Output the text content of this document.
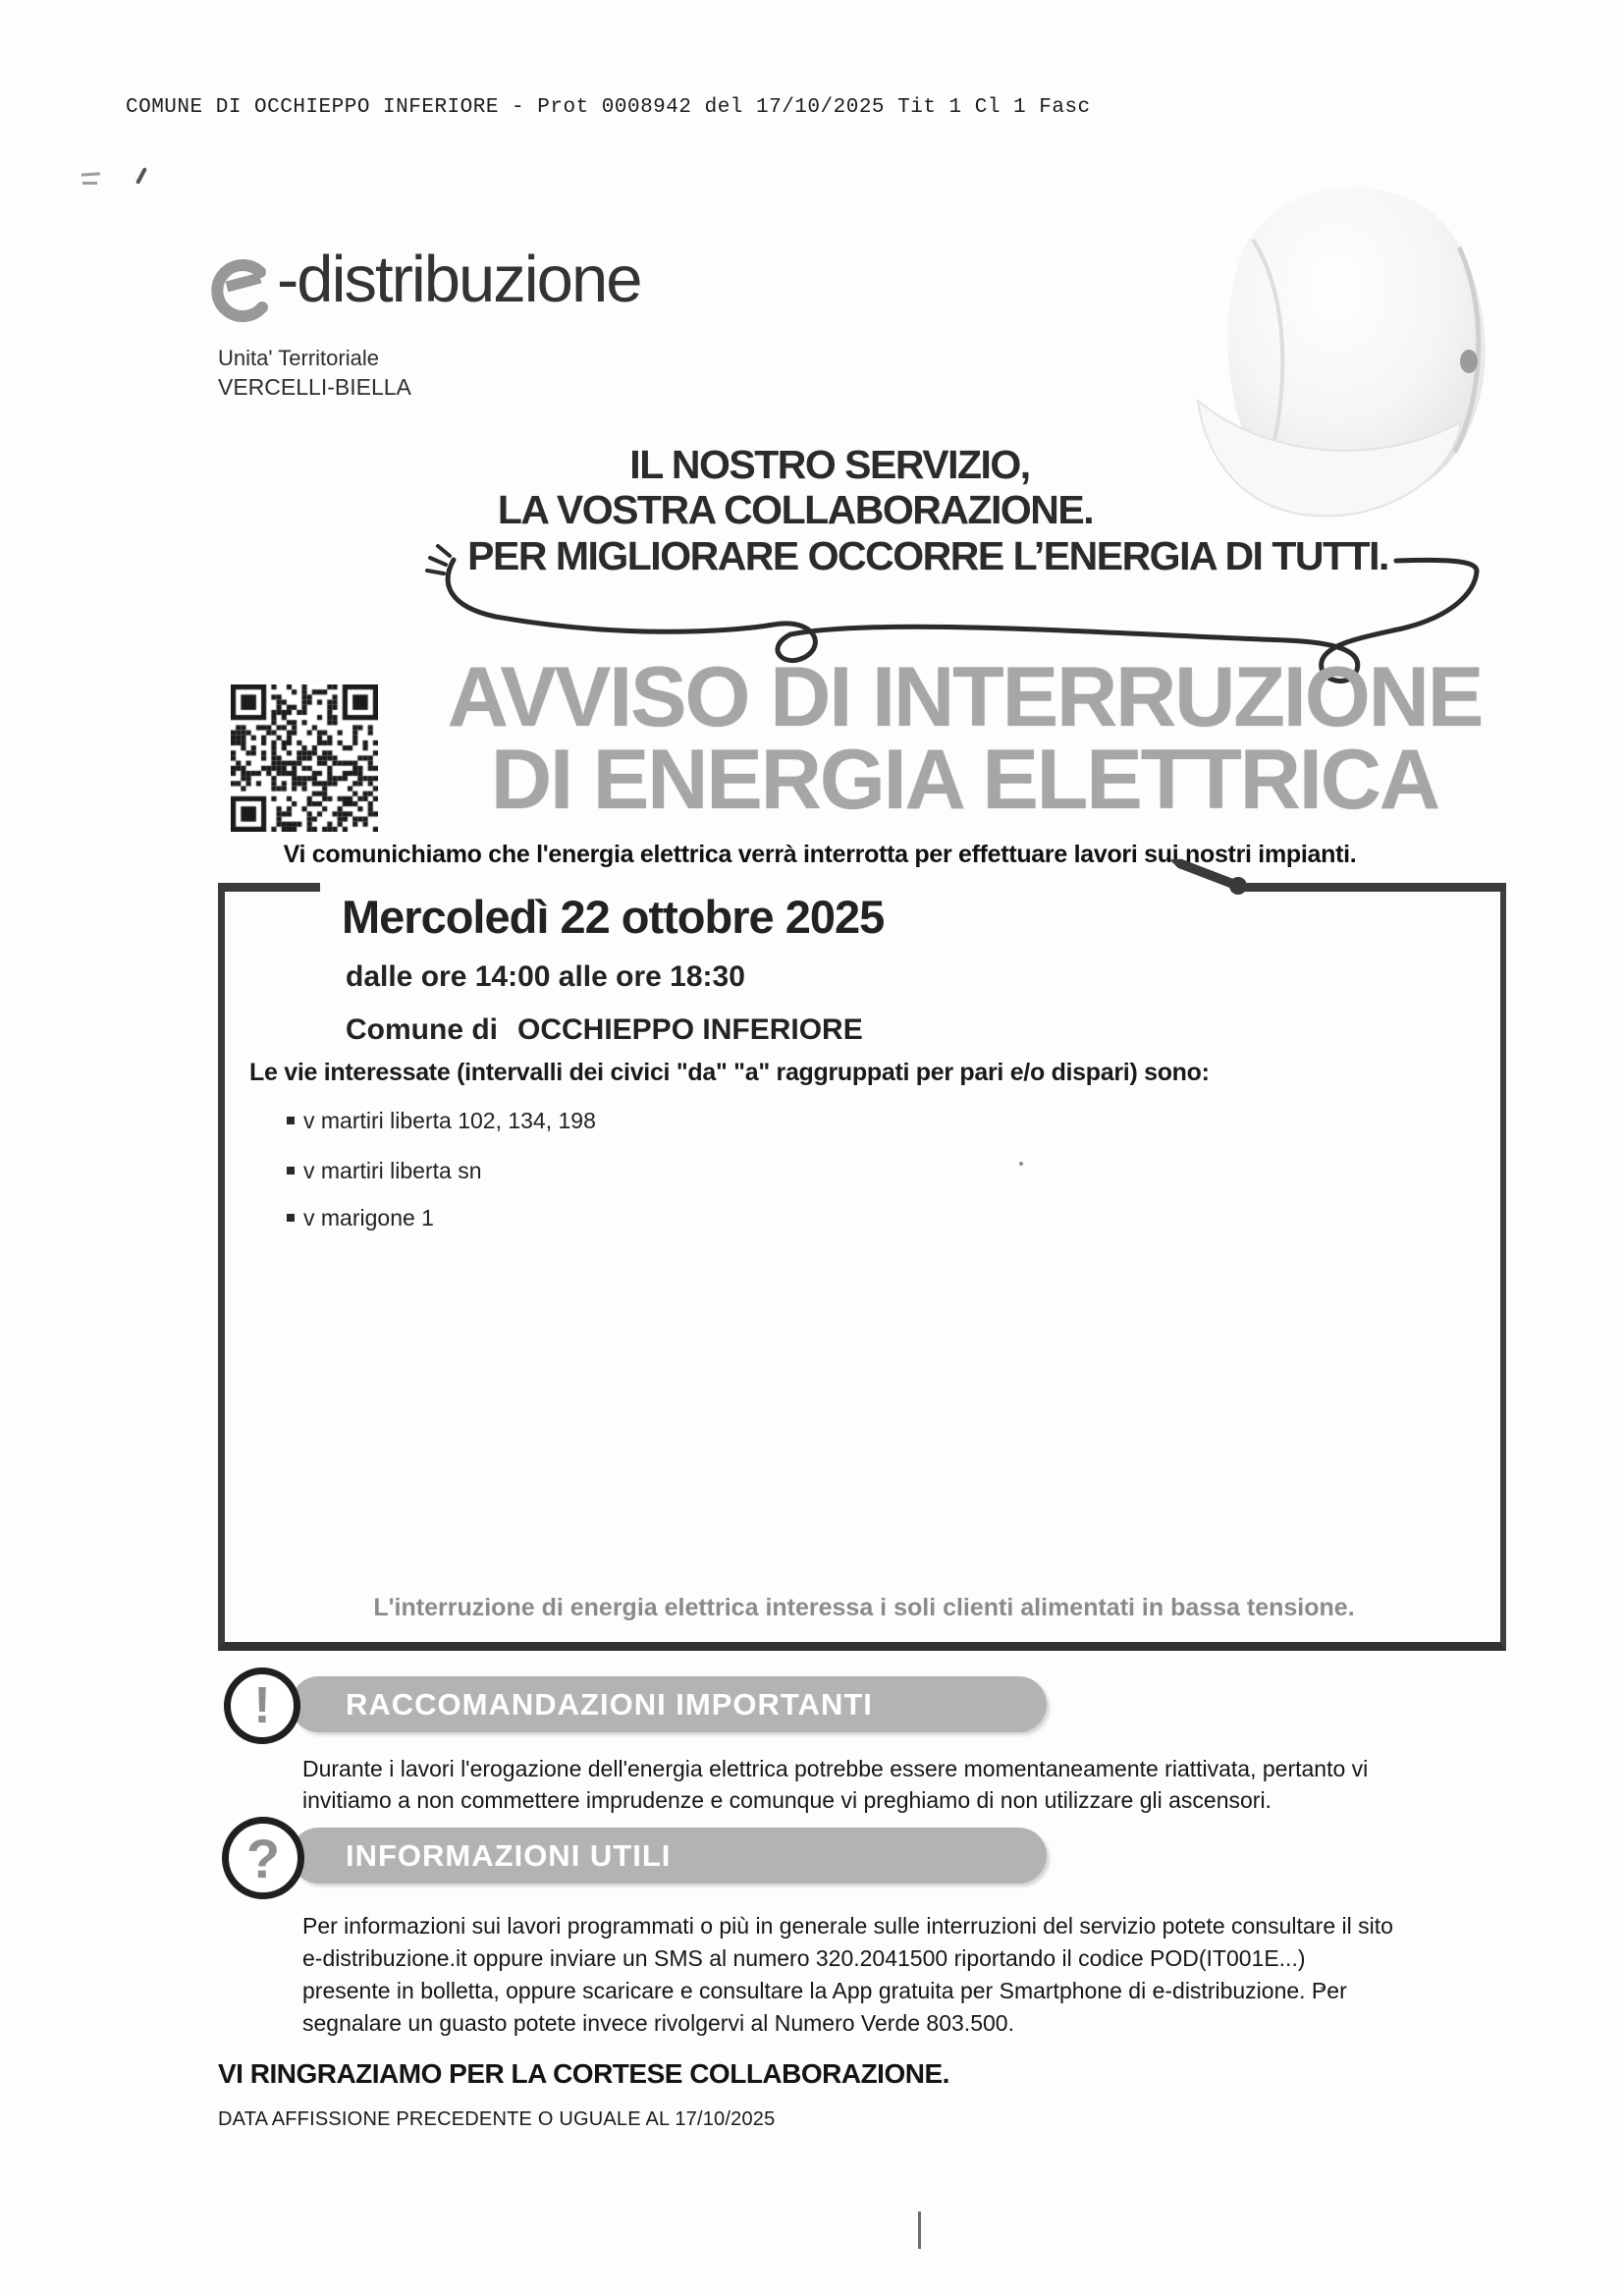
COMUNE DI OCCHIEPPO INFERIORE - Prot 0008942 del 17/10/2025 Tit 1 Cl 1 Fasc
-distribuzione
Unita' Territoriale
VERCELLI-BIELLA
IL NOSTRO SERVIZIO,
LA VOSTRA COLLABORAZIONE.
PER MIGLIORARE OCCORRE L’ENERGIA DI TUTTI.
AVVISO DI INTERRUZIONE
DI ENERGIA ELETTRICA
Vi comunichiamo che l'energia elettrica verrà interrotta per effettuare lavori sui nostri impianti.
Mercoledì 22 ottobre 2025
dalle ore 14:00 alle ore 18:30
Comune di OCCHIEPPO INFERIORE
Le vie interessate (intervalli dei civici "da" "a" raggruppati per pari e/o dispari) sono:
v martiri liberta 102, 134, 198
v martiri liberta sn
v marigone 1
L'interruzione di energia elettrica interessa i soli clienti alimentati in bassa tensione.
!	RACCOMANDAZIONI IMPORTANTI
Durante i lavori l'erogazione dell'energia elettrica potrebbe essere momentaneamente riattivata, pertanto vi
invitiamo a non commettere imprudenze e comunque vi preghiamo di non utilizzare gli ascensori.
?	INFORMAZIONI UTILI
Per informazioni sui lavori programmati o più in generale sulle interruzioni del servizio potete consultare il sito
e-distribuzione.it oppure inviare un SMS al numero 320.2041500 riportando il codice POD(IT001E...)
presente in bolletta, oppure scaricare e consultare la App gratuita per Smartphone di e-distribuzione. Per
segnalare un guasto potete invece rivolgervi al Numero Verde 803.500.
VI RINGRAZIAMO PER LA CORTESE COLLABORAZIONE.
DATA AFFISSIONE PRECEDENTE O UGUALE AL 17/10/2025
